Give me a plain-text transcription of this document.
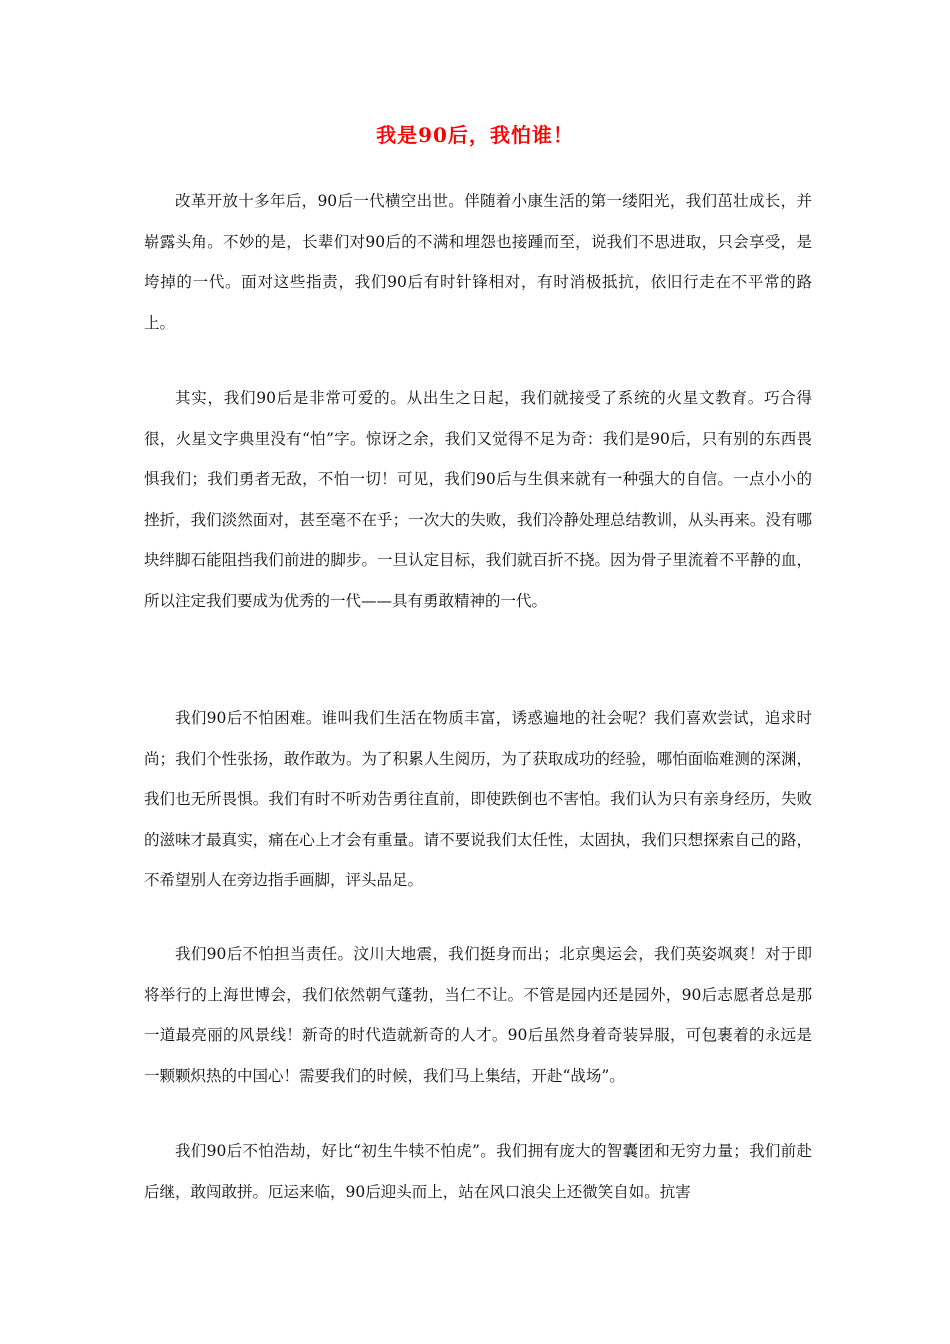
我是90后，我怕谁！

改革开放十多年后，90后一代横空出世。伴随着小康生活的第一缕阳光，我们茁壮成长，并崭露头角。不妙的是，长辈们对90后的不满和埋怨也接踵而至，说我们不思进取，只会享受，是垮掉的一代。面对这些指责，我们90后有时针锋相对，有时消极抵抗，依旧行走在不平常的路上。

其实，我们90后是非常可爱的。从出生之日起，我们就接受了系统的火星文教育。巧合得很，火星文字典里没有“怕”字。惊讶之余，我们又觉得不足为奇：我们是90后，只有别的东西畏惧我们；我们勇者无敌，不怕一切！可见，我们90后与生俱来就有一种强大的自信。一点小小的挫折，我们淡然面对，甚至毫不在乎；一次大的失败，我们冷静处理总结教训，从头再来。没有哪块绊脚石能阻挡我们前进的脚步。一旦认定目标，我们就百折不挠。因为骨子里流着不平静的血，所以注定我们要成为优秀的一代——具有勇敢精神的一代。

我们90后不怕困难。谁叫我们生活在物质丰富，诱惑遍地的社会呢？我们喜欢尝试，追求时尚；我们个性张扬，敢作敢为。为了积累人生阅历，为了获取成功的经验，哪怕面临难测的深渊，我们也无所畏惧。我们有时不听劝告勇往直前，即使跌倒也不害怕。我们认为只有亲身经历，失败的滋味才最真实，痛在心上才会有重量。请不要说我们太任性，太固执，我们只想探索自己的路，不希望别人在旁边指手画脚，评头品足。

我们90后不怕担当责任。汶川大地震，我们挺身而出；北京奥运会，我们英姿飒爽！对于即将举行的上海世博会，我们依然朝气蓬勃，当仁不让。不管是园内还是园外，90后志愿者总是那一道最亮丽的风景线！新奇的时代造就新奇的人才。90后虽然身着奇装异服，可包裹着的永远是一颗颗炽热的中国心！需要我们的时候，我们马上集结，开赴“战场”。

我们90后不怕浩劫，好比“初生牛犊不怕虎”。我们拥有庞大的智囊团和无穷力量；我们前赴后继，敢闯敢拼。厄运来临，90后迎头而上，站在风口浪尖上还微笑自如。抗害
